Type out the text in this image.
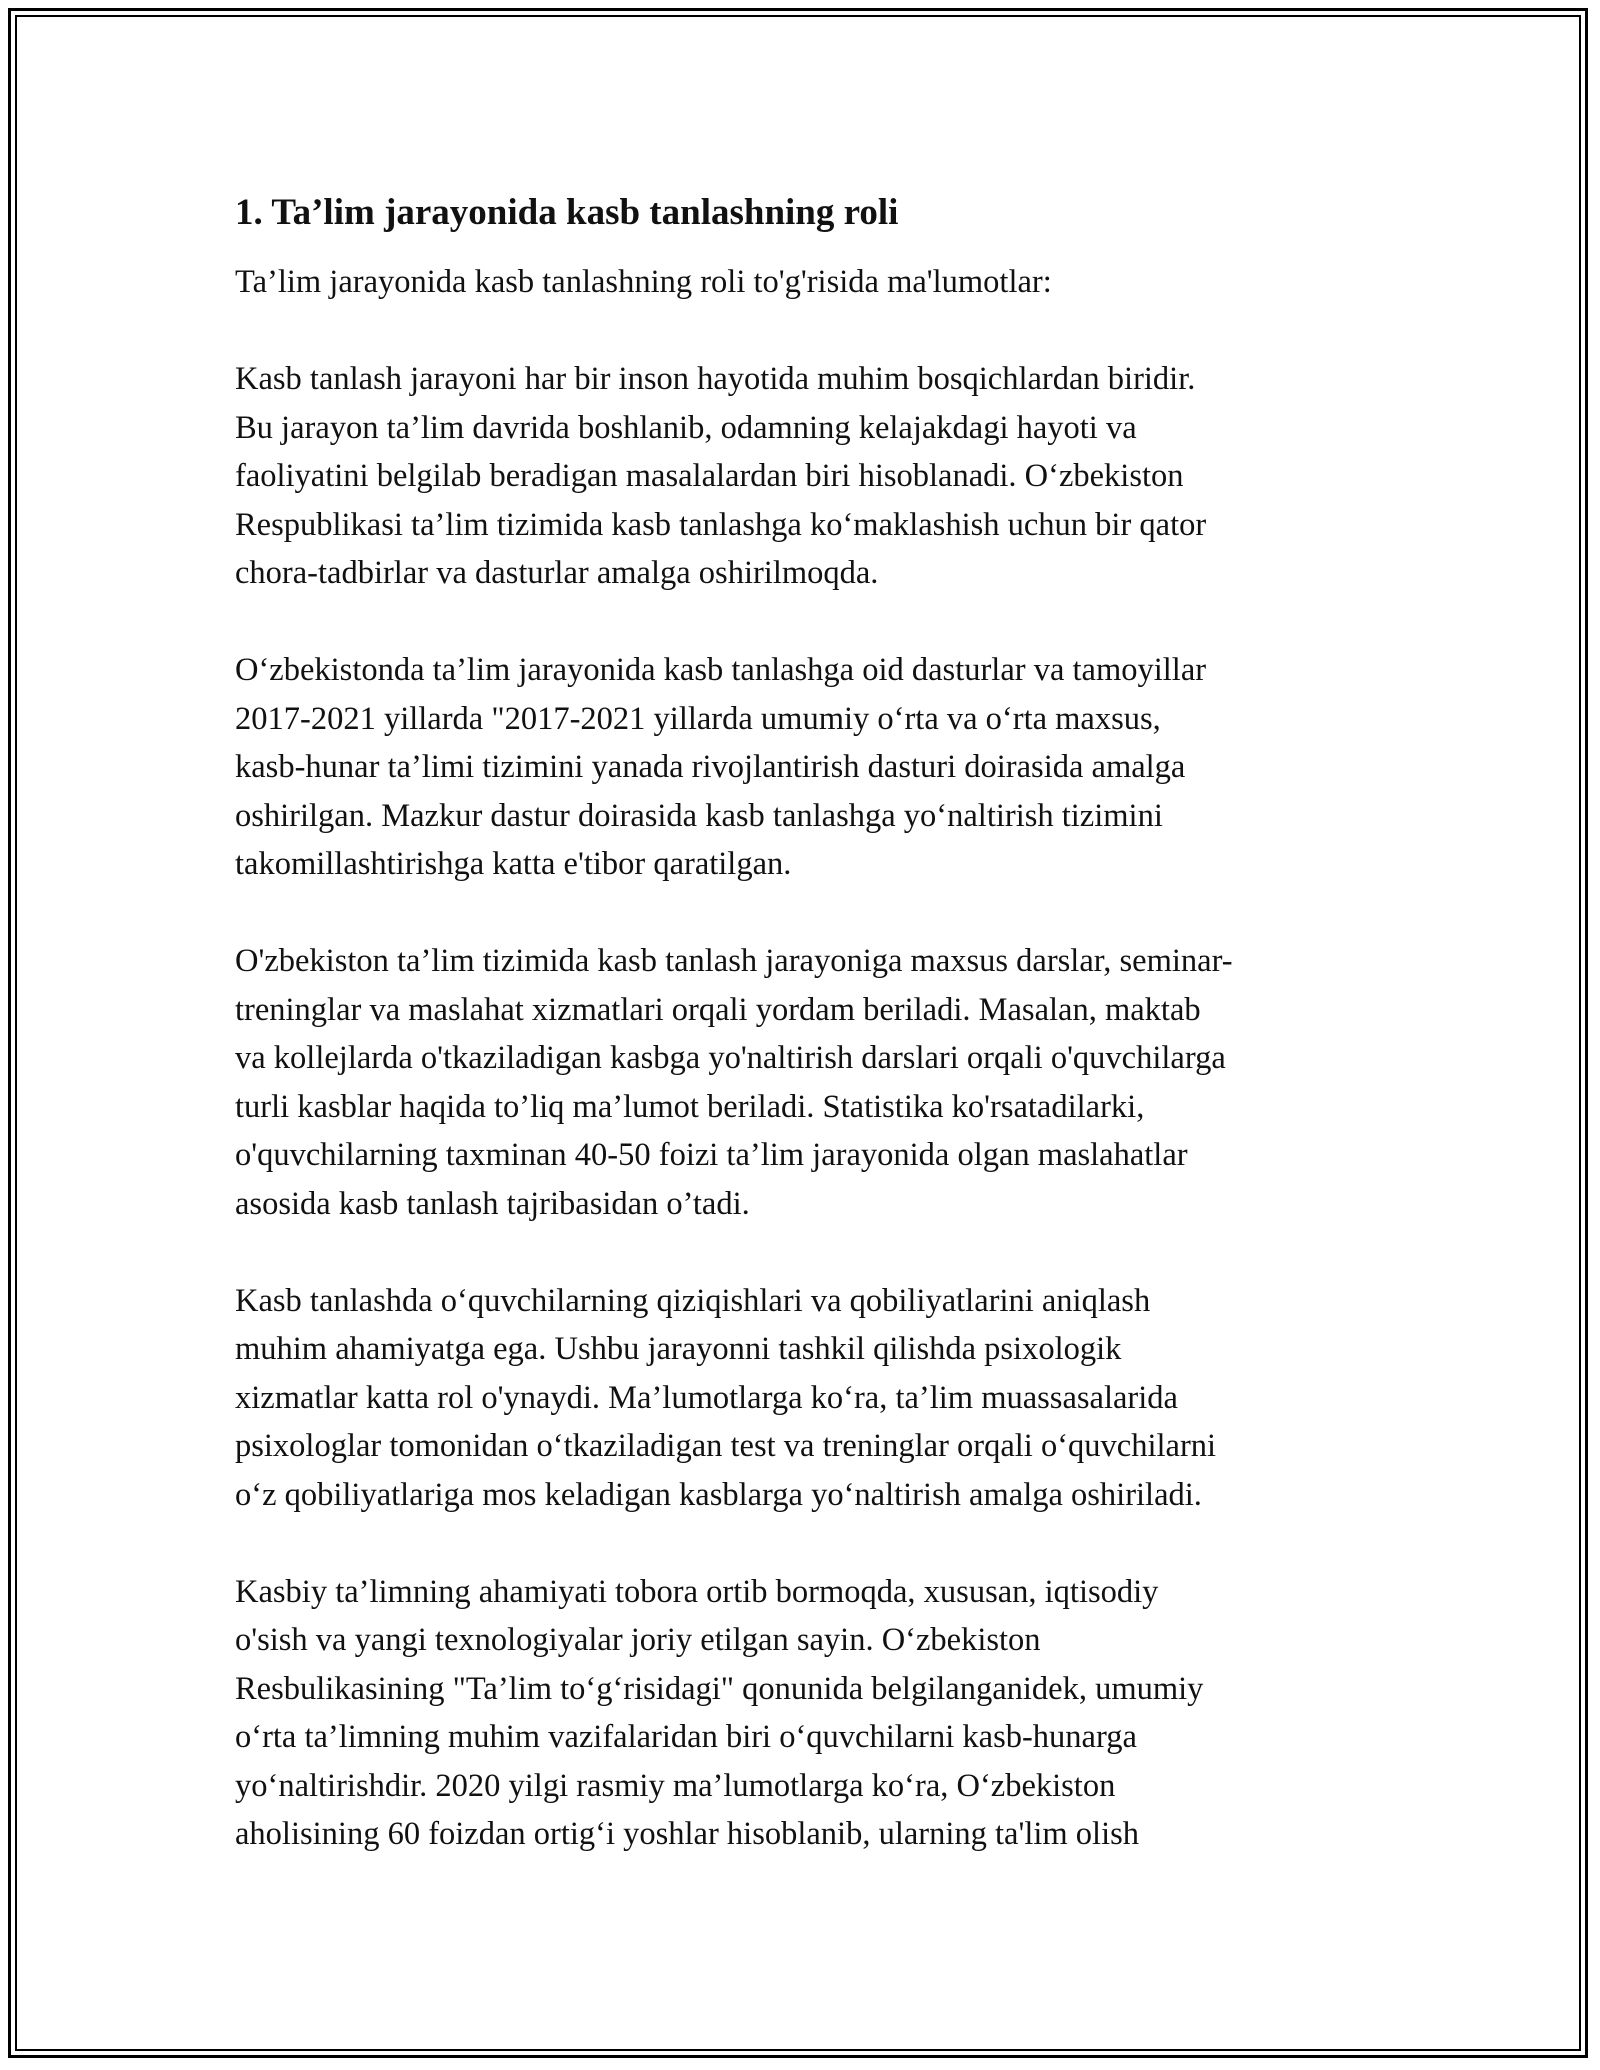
1. Ta’lim jarayonida kasb tanlashning roli

Ta’lim jarayonida kasb tanlashning roli to'g'risida ma'lumotlar:

Kasb tanlash jarayoni har bir inson hayotida muhim bosqichlardan biridir.
Bu jarayon ta’lim davrida boshlanib, odamning kelajakdagi hayoti va
faoliyatini belgilab beradigan masalalardan biri hisoblanadi. O‘zbekiston
Respublikasi ta’lim tizimida kasb tanlashga ko‘maklashish uchun bir qator
chora-tadbirlar va dasturlar amalga oshirilmoqda.

O‘zbekistonda ta’lim jarayonida kasb tanlashga oid dasturlar va tamoyillar
2017-2021 yillarda "2017-2021 yillarda umumiy o‘rta va o‘rta maxsus,
kasb-hunar ta’limi tizimini yanada rivojlantirish dasturi doirasida amalga
oshirilgan. Mazkur dastur doirasida kasb tanlashga yo‘naltirish tizimini
takomillashtirishga katta e'tibor qaratilgan.

O'zbekiston ta’lim tizimida kasb tanlash jarayoniga maxsus darslar, seminar-
treninglar va maslahat xizmatlari orqali yordam beriladi. Masalan, maktab
va kollejlarda o'tkaziladigan kasbga yo'naltirish darslari orqali o'quvchilarga
turli kasblar haqida to’liq ma’lumot beriladi. Statistika ko'rsatadilarki,
o'quvchilarning taxminan 40-50 foizi ta’lim jarayonida olgan maslahatlar
asosida kasb tanlash tajribasidan o’tadi.

Kasb tanlashda o‘quvchilarning qiziqishlari va qobiliyatlarini aniqlash
muhim ahamiyatga ega. Ushbu jarayonni tashkil qilishda psixologik
xizmatlar katta rol o'ynaydi. Ma’lumotlarga ko‘ra, ta’lim muassasalarida
psixologlar tomonidan o‘tkaziladigan test va treninglar orqali o‘quvchilarni
o‘z qobiliyatlariga mos keladigan kasblarga yo‘naltirish amalga oshiriladi.

Kasbiy ta’limning ahamiyati tobora ortib bormoqda, xususan, iqtisodiy
o'sish va yangi texnologiyalar joriy etilgan sayin. O‘zbekiston
Resbulikasining "Ta’lim to‘g‘risidagi" qonunida belgilanganidek, umumiy
o‘rta ta’limning muhim vazifalaridan biri o‘quvchilarni kasb-hunarga
yo‘naltirishdir. 2020 yilgi rasmiy ma’lumotlarga ko‘ra, O‘zbekiston
aholisining 60 foizdan ortig‘i yoshlar hisoblanib, ularning ta'lim olish
